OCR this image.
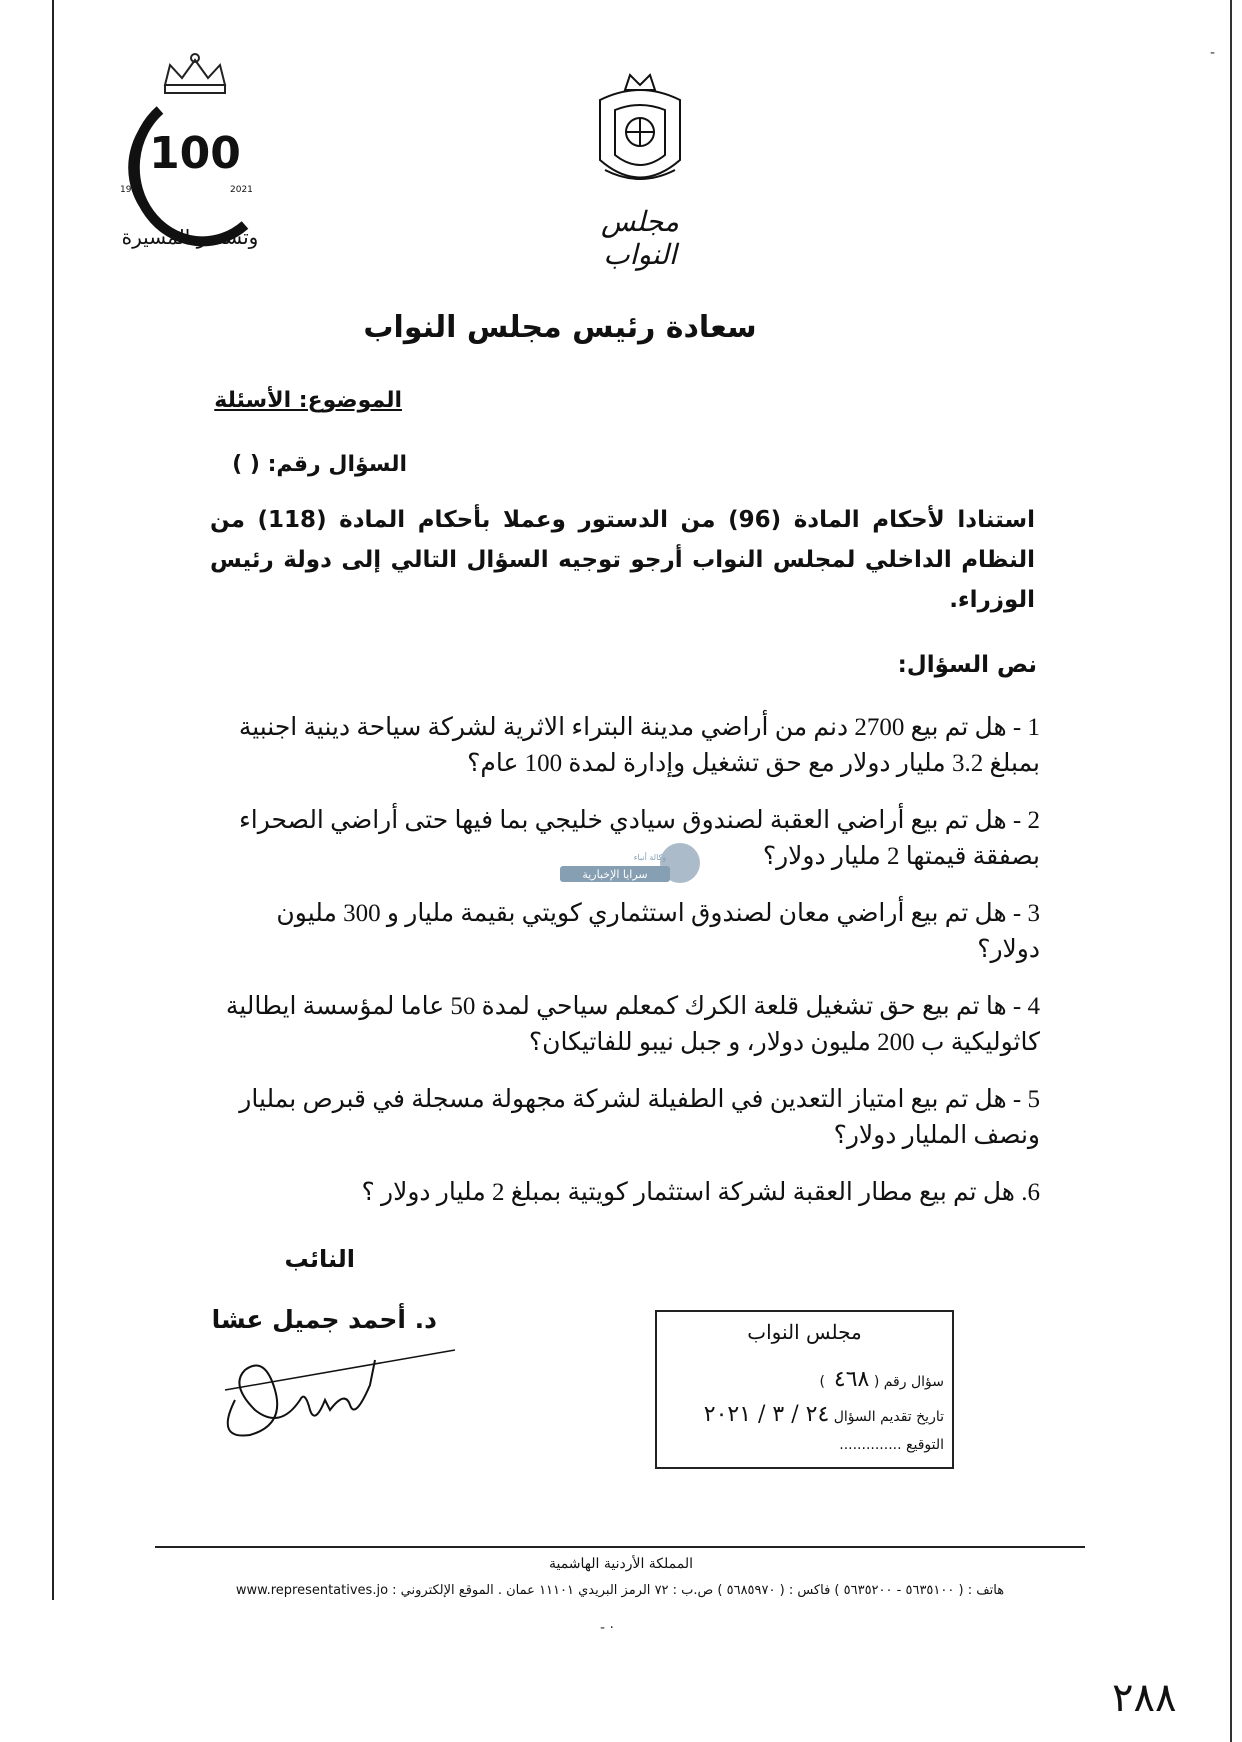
100
1921	2021
وتستمر المسيرة	مجلس النواب
سعادة رئيس مجلس النواب
الموضوع: الأسئلة
السؤال رقم: ( )
استنادا لأحكام المادة (96) من الدستور وعملا بأحكام المادة (118) من النظام الداخلي لمجلس النواب أرجو توجيه السؤال التالي إلى دولة رئيس الوزراء.
نص السؤال:
1 - هل تم بيع 2700 دنم من أراضي مدينة البتراء الاثرية لشركة سياحة دينية اجنبية بمبلغ 3.2 مليار دولار مع حق تشغيل وإدارة لمدة 100 عام؟
2 - هل تم بيع أراضي العقبة لصندوق سيادي خليجي بما فيها حتى أراضي الصحراء بصفقة قيمتها 2 مليار دولار؟
3 - هل تم بيع أراضي معان لصندوق استثماري كويتي بقيمة مليار و 300 مليون دولار؟
4 - ها تم بيع حق تشغيل قلعة الكرك كمعلم سياحي لمدة 50 عاما لمؤسسة ايطالية كاثوليكية ب 200 مليون دولار، و جبل نيبو للفاتيكان؟
5 - هل تم بيع امتياز التعدين في الطفيلة لشركة مجهولة مسجلة في قبرص بمليار ونصف المليار دولار؟
6. هل تم بيع مطار العقبة لشركة استثمار كويتية بمبلغ 2 مليار دولار ؟
سرايا الإخبارية
وكالة أنباء
النائب
د. أحمد جميل عشا	مجلس النواب
سؤال رقم ( ٤٦٨  )
تاريخ تقديم السؤال ٢٤ / ٣ / ٢٠٢١
التوقيع ..............
المملكة الأردنية الهاشمية
هاتف : ( ٥٦٣٥١٠٠ - ٥٦٣٥٢٠٠ ) فاكس : ( ٥٦٨٥٩٧٠ ) ص.ب : ٧٢ الرمز البريدي ١١١٠١ عمان . الموقع الإلكتروني : www.representatives.jo
٢٨٨
-
- ·
